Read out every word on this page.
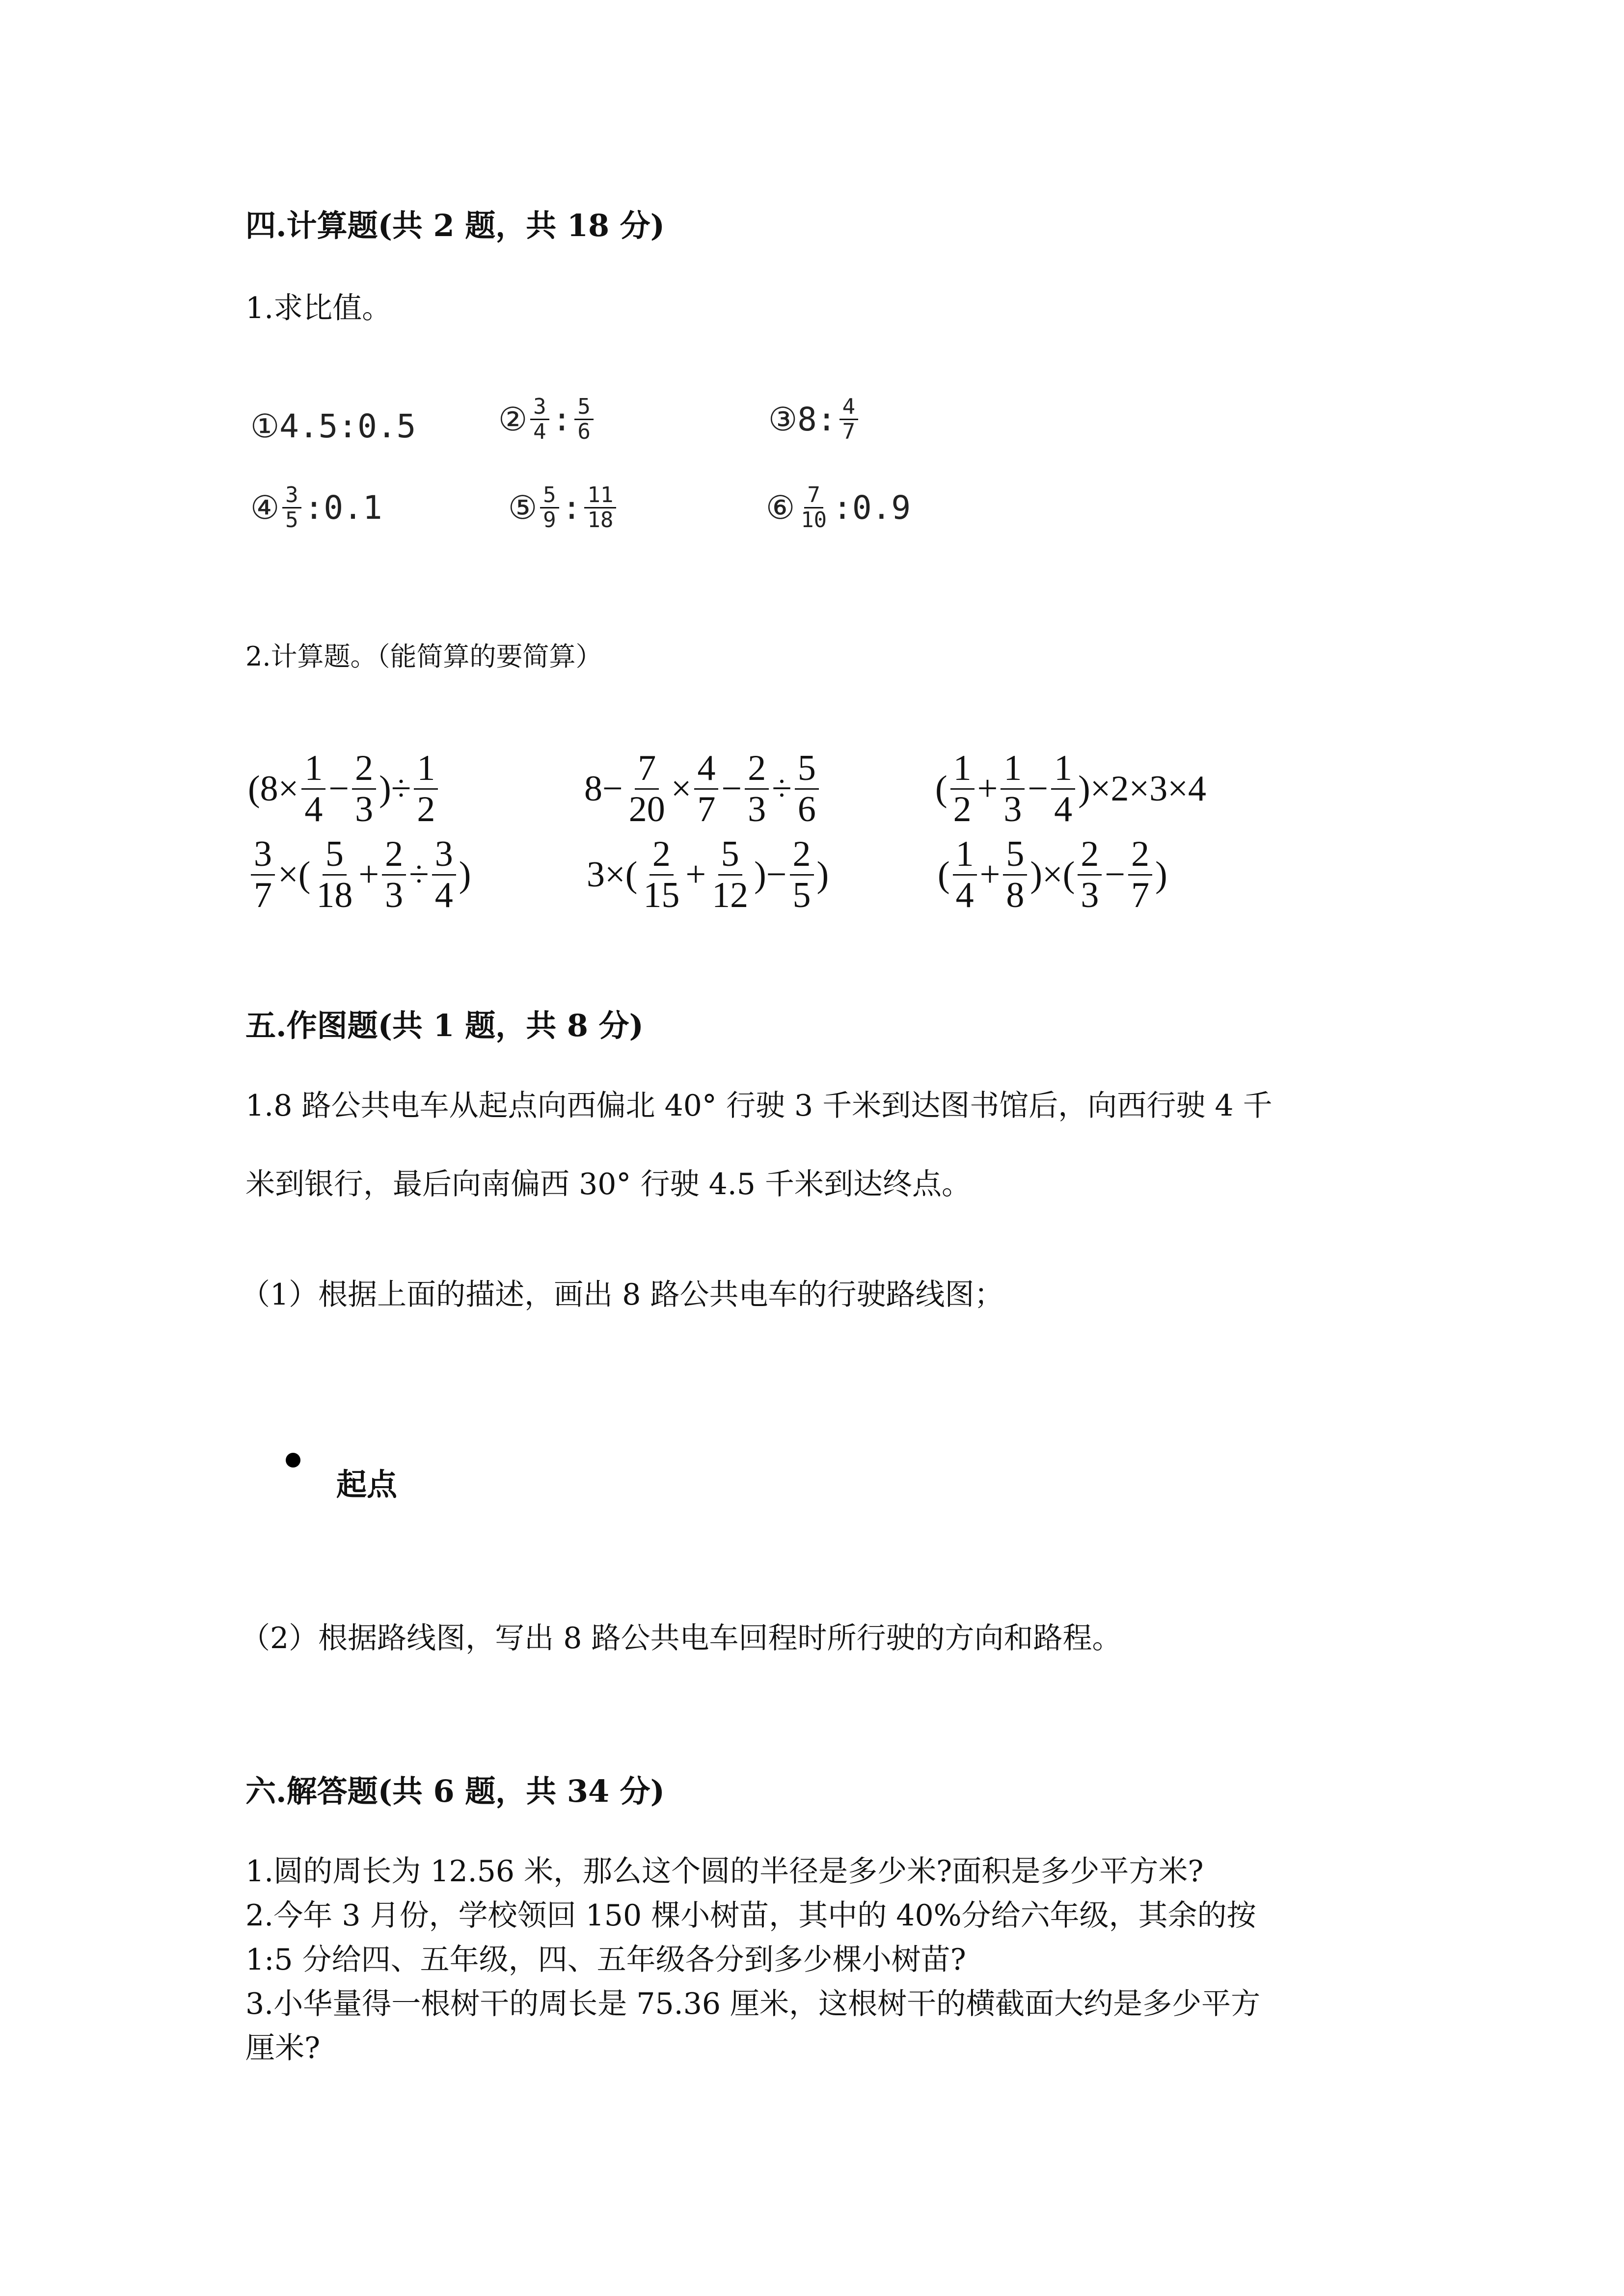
四.计算题(共 2 题，共 18 分)
1.求比值。
①4.5:0.5	② $\frac{3}{4}$ : $\frac{5}{6}$	③ 8: $\frac{4}{7}$
④ $\frac{3}{5}$ :0.1	⑤ $\frac{5}{9}$ : $\frac{11}{18}$	⑥ $\frac{7}{10}$ :0.9
2.计算题。（能简算的要简算）
($8\times \frac{1}{4} - \frac{2}{3}$ )÷ $\frac{1}{2}$	$8- \frac{7}{20} \times \frac{4}{7} - \frac{2}{3} \div \frac{5}{6}$	( $\frac{1}{2} + \frac{1}{3} - \frac{1}{4} )\times 2\times 3\times 4$
$\frac{3}{7}$ ×( $\frac{5}{18} + \frac{2}{3} \div \frac{3}{4}$ )	$3\times( \frac{2}{15} + \frac{5}{12}$ )− $\frac{2}{5}$ )	( $\frac{1}{4} + \frac{5}{8}$ )×( $\frac{2}{3} - \frac{2}{7}$ )
五.作图题(共 1 题，共 8 分)
1.8 路公共电车从起点向西偏北 40° 行驶 3 千米到达图书馆后，向西行驶 4 千
米到银行，最后向南偏西 30° 行驶 4.5 千米到达终点。
（1）根据上面的描述，画出 8 路公共电车的行驶路线图；
起点
（2）根据路线图，写出 8 路公共电车回程时所行驶的方向和路程。
六.解答题(共 6 题，共 34 分)
1.圆的周长为 12.56 米，那么这个圆的半径是多少米?面积是多少平方米?
2.今年 3 月份，学校领回 150 棵小树苗，其中的 40%分给六年级，其余的按
1:5 分给四、五年级，四、五年级各分到多少棵小树苗?
3.小华量得一根树干的周长是 75.36 厘米，这根树干的横截面大约是多少平方
厘米?
